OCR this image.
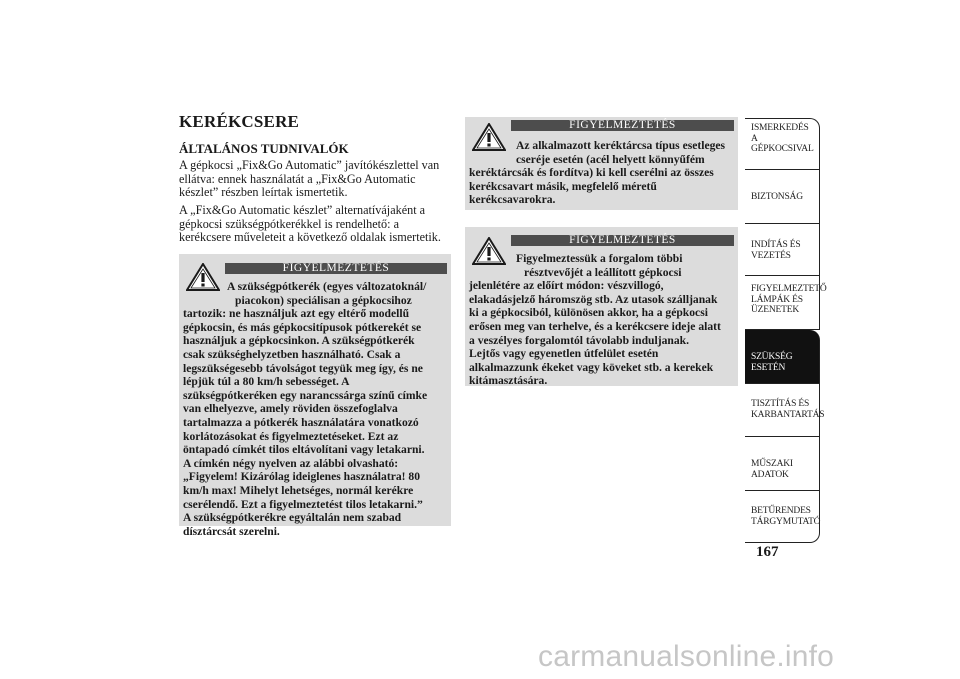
KERÉKCSERE
ÁLTALÁNOS TUDNIVALÓK
A gépkocsi „Fix&Go Automatic” javítókészlettel van
ellátva: ennek használatát a „Fix&Go Automatic
készlet” részben leírtak ismertetik.
A „Fix&Go Automatic készlet” alternatívájaként a
gépkocsi szükségpótkerékkel is rendelhető: a
kerékcsere műveleteit a következő oldalak ismertetik.
FIGYELMEZTETÉS
A szükségpótkerék (egyes változatoknál/
piacokon) speciálisan a gépkocsihoz
tartozik: ne használjuk azt egy eltérő modellű
gépkocsin, és más gépkocsitípusok pótkerekét se
használjuk a gépkocsinkon. A szükségpótkerék
csak szükséghelyzetben használható. Csak a
legszükségesebb távolságot tegyük meg így, és ne
lépjük túl a 80 km/h sebességet. A
szükségpótkeréken egy narancssárga színű címke
van elhelyezve, amely röviden összefoglalva
tartalmazza a pótkerék használatára vonatkozó
korlátozásokat és figyelmeztetéseket. Ezt az
öntapadó címkét tilos eltávolítani vagy letakarni.
A címkén négy nyelven az alábbi olvasható:
„Figyelem! Kizárólag ideiglenes használatra! 80
km/h max! Mihelyt lehetséges, normál kerékre
cserélendő. Ezt a figyelmeztetést tilos letakarni.”
A szükségpótkerékre egyáltalán nem szabad
dísztárcsát szerelni.
FIGYELMEZTETÉS
Az alkalmazott keréktárcsa típus esetleges
cseréje esetén (acél helyett könnyűfém
keréktárcsák és fordítva) ki kell cserélni az összes
kerékcsavart másik, megfelelő méretű
kerékcsavarokra.
FIGYELMEZTETÉS
Figyelmeztessük a forgalom többi
résztvevőjét a leállított gépkocsi
jelenlétére az előírt módon: vészvillogó,
elakadásjelző háromszög stb. Az utasok szálljanak
ki a gépkocsiból, különösen akkor, ha a gépkocsi
erősen meg van terhelve, és a kerékcsere ideje alatt
a veszélyes forgalomtól távolabb induljanak.
Lejtős vagy egyenetlen útfelület esetén
alkalmazzunk ékeket vagy köveket stb. a kerekek
kitámasztására.
ISMERKEDÉS A
GÉPKOCSIVAL
BIZTONSÁG
INDÍTÁS ÉS
VEZETÉS
FIGYELMEZTETŐ
LÁMPÁK ÉS
ÜZENETEK
SZÜKSÉG ESETÉN
TISZTÍTÁS ÉS
KARBANTARTÁS
MŰSZAKI ADATOK
BETŰRENDES
TÁRGYMUTATÓ
167
carmanualsonline.info
